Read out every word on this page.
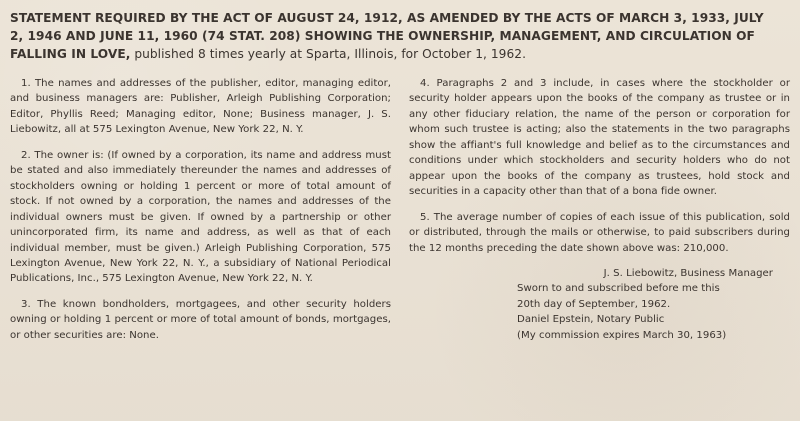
STATEMENT REQUIRED BY THE ACT OF AUGUST 24, 1912, AS AMENDED BY THE ACTS OF MARCH 3, 1933, JULY
2, 1946 AND JUNE 11, 1960 (74 STAT. 208) SHOWING THE OWNERSHIP, MANAGEMENT, AND CIRCULATION OF
FALLING IN LOVE, published 8 times yearly at Sparta, Illinois, for October 1, 1962.

1. The names and addresses of the publisher, editor, managing editor, and business managers are: Publisher, Arleigh Publishing Corporation; Editor, Phyllis Reed; Managing editor, None; Business manager, J. S. Liebowitz, all at 575 Lexington Avenue, New York 22, N. Y.

2. The owner is: (If owned by a corporation, its name and address must be stated and also immediately thereunder the names and addresses of stockholders owning or holding 1 percent or more of total amount of stock. If not owned by a corporation, the names and addresses of the individual owners must be given. If owned by a partnership or other unincorporated firm, its name and address, as well as that of each individual member, must be given.) Arleigh Publishing Corporation, 575 Lexington Avenue, New York 22, N. Y., a subsidiary of National Periodical Publications, Inc., 575 Lexington Avenue, New York 22, N. Y.

3. The known bondholders, mortgagees, and other security holders owning or holding 1 percent or more of total amount of bonds, mortgages, or other securities are: None.

4. Paragraphs 2 and 3 include, in cases where the stockholder or security holder appears upon the books of the company as trustee or in any other fiduciary relation, the name of the person or corporation for whom such trustee is acting; also the statements in the two paragraphs show the affiant's full knowledge and belief as to the circumstances and conditions under which stockholders and security holders who do not appear upon the books of the company as trustees, hold stock and securities in a capacity other than that of a bona fide owner.

5. The average number of copies of each issue of this publication, sold or distributed, through the mails or otherwise, to paid subscribers during the 12 months preceding the date shown above was: 210,000.

J. S. Liebowitz, Business Manager
Sworn to and subscribed before me this
20th day of September, 1962.
Daniel Epstein, Notary Public
(My commission expires March 30, 1963)
